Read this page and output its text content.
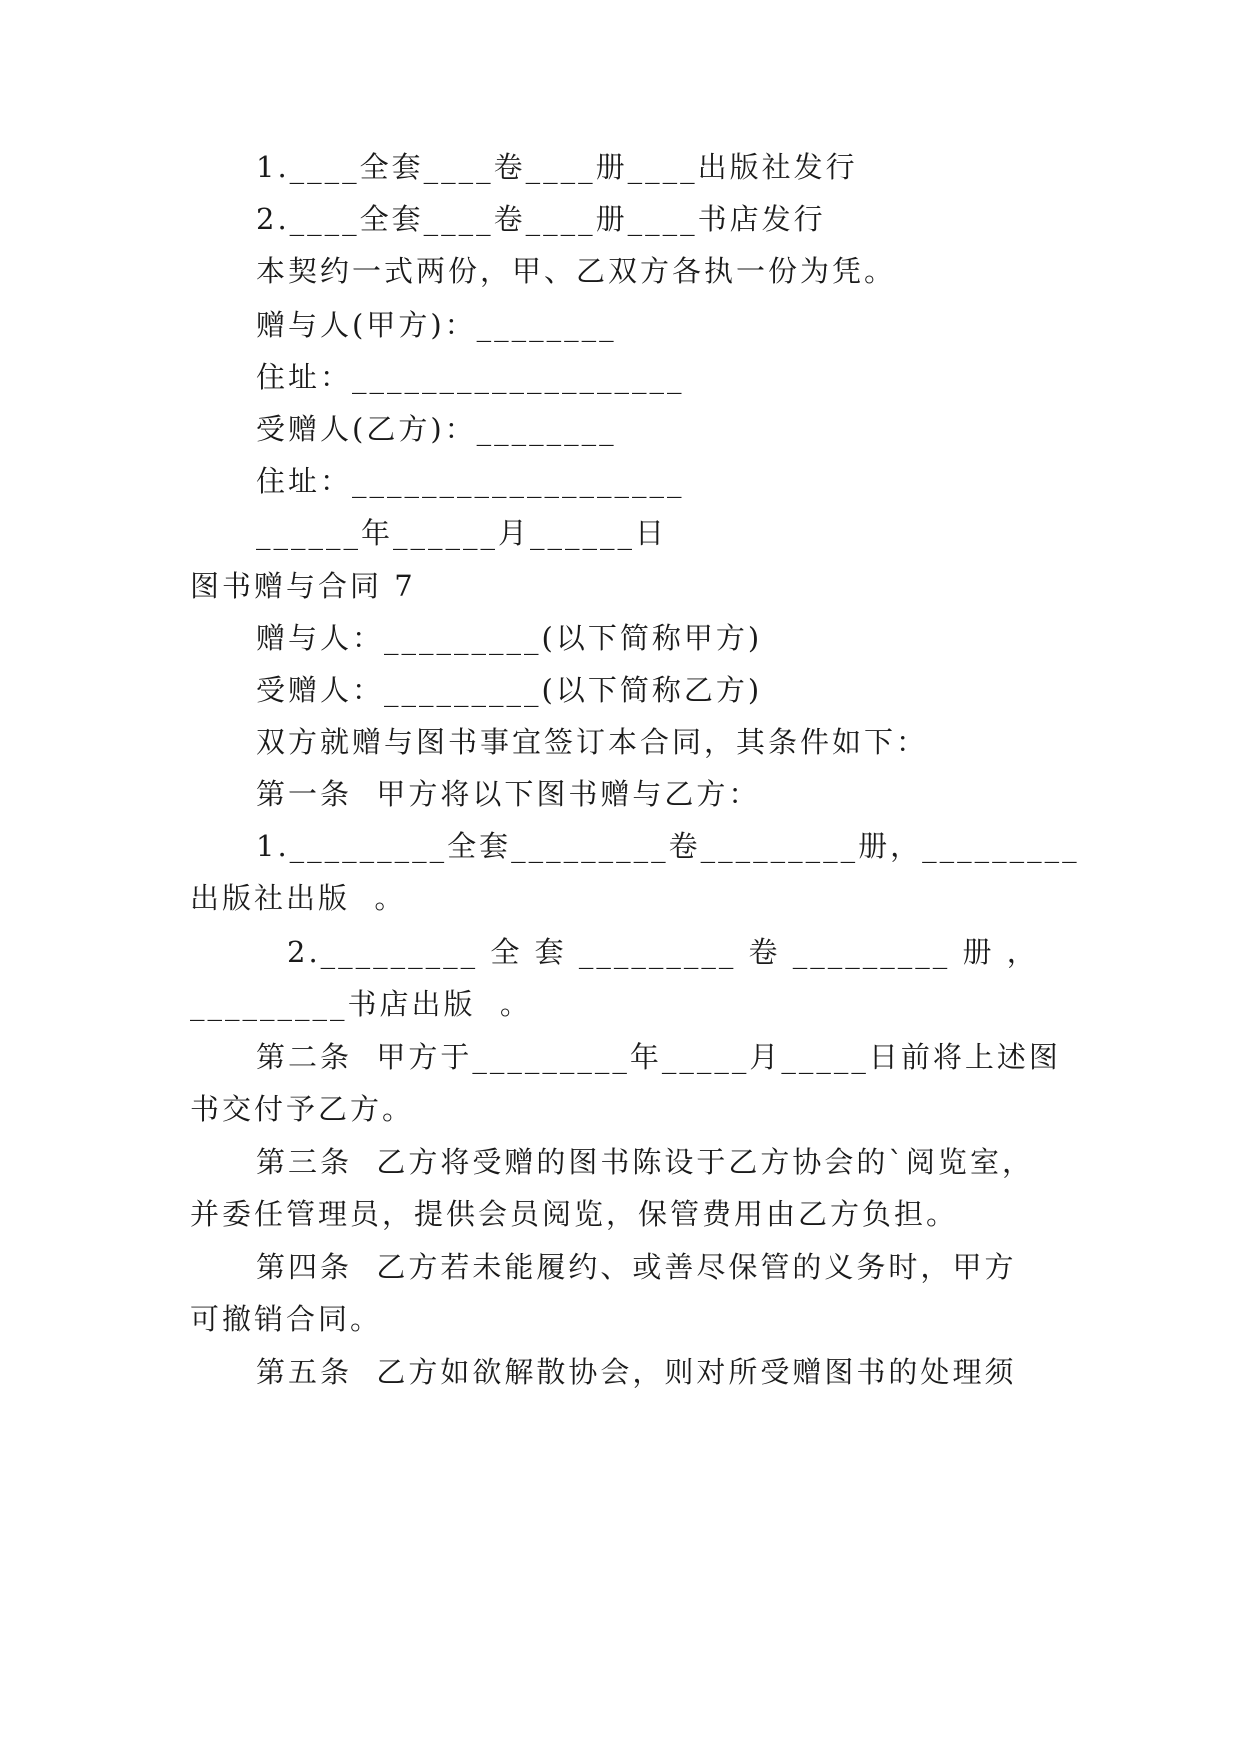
1.____全套____卷____册____出版社发行
2.____全套____卷____册____书店发行
本契约一式两份，甲、乙双方各执一份为凭。
赠与人(甲方)：________
住址：___________________
受赠人(乙方)：________
住址：___________________
______年______月______日
图书赠与合同 7
赠与人：_________(以下简称甲方)
受赠人：_________(以下简称乙方)
双方就赠与图书事宜签订本合同，其条件如下：
第一条  甲方将以下图书赠与乙方：
1._________全套_________卷_________册，_________
出版社出版  。
2._________ 全 套 _________ 卷 _________ 册 ，
_________书店出版  。
第二条  甲方于_________年_____月_____日前将上述图
书交付予乙方。
第三条  乙方将受赠的图书陈设于乙方协会的`阅览室，
并委任管理员，提供会员阅览，保管费用由乙方负担。
第四条  乙方若未能履约、或善尽保管的义务时，甲方
可撤销合同。
第五条  乙方如欲解散协会，则对所受赠图书的处理须
